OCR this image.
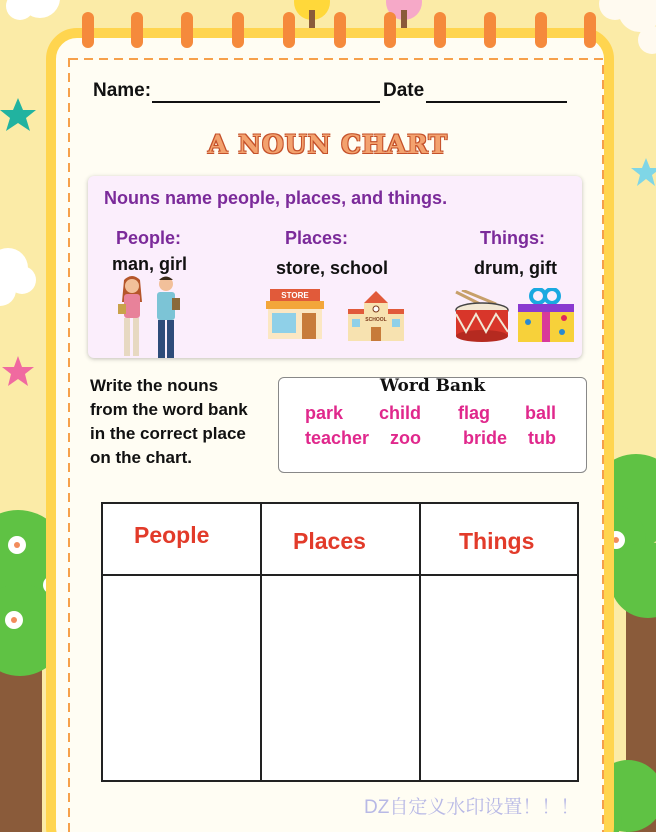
Name:	Date
A NOUN CHART
Nouns name people, places, and things.
People:	Places:	Things:
man, girl	store, school	drum, gift
STORE
SCHOOL
Write the nouns
from the word bank
in the correct place
on the chart.
Word Bank
park child flag ball
teacher zoo bride tub
People	Places	Things
DZ自定义水印设置！！！
